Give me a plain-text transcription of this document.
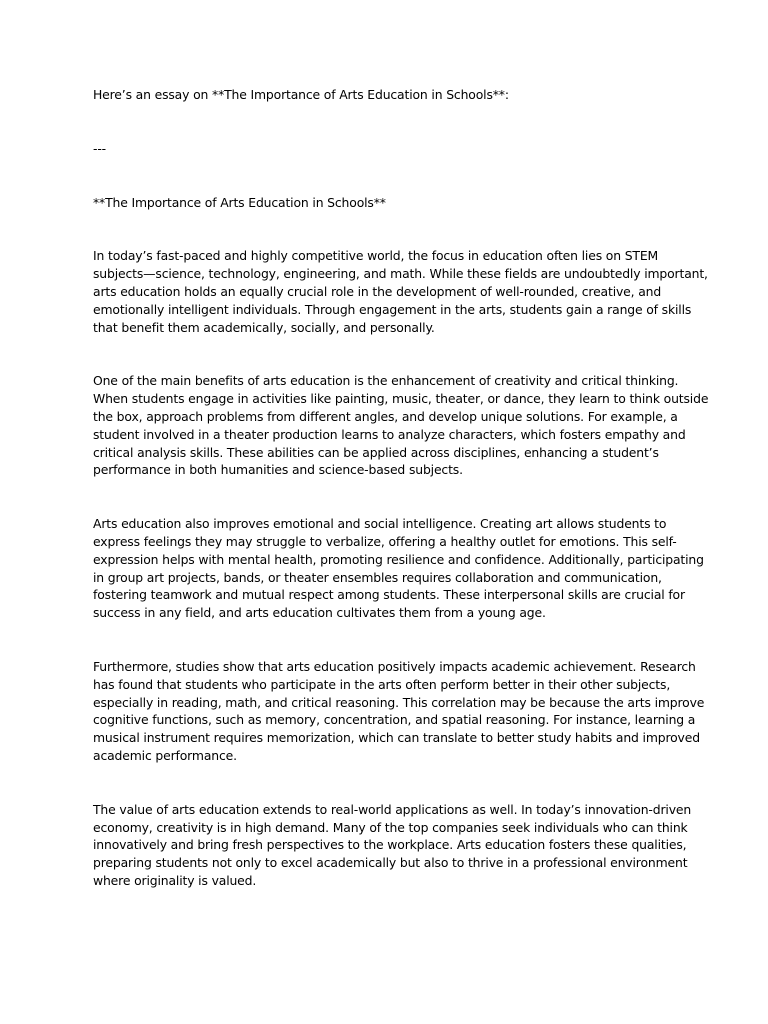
Here’s an essay on **The Importance of Arts Education in Schools**:

---

**The Importance of Arts Education in Schools**

In today’s fast-paced and highly competitive world, the focus in education often lies on STEM

subjects—science, technology, engineering, and math. While these fields are undoubtedly important,

arts education holds an equally crucial role in the development of well-rounded, creative, and

emotionally intelligent individuals. Through engagement in the arts, students gain a range of skills

that benefit them academically, socially, and personally.

One of the main benefits of arts education is the enhancement of creativity and critical thinking.

When students engage in activities like painting, music, theater, or dance, they learn to think outside

the box, approach problems from different angles, and develop unique solutions. For example, a

student involved in a theater production learns to analyze characters, which fosters empathy and

critical analysis skills. These abilities can be applied across disciplines, enhancing a student’s

performance in both humanities and science-based subjects.

Arts education also improves emotional and social intelligence. Creating art allows students to

express feelings they may struggle to verbalize, offering a healthy outlet for emotions. This self-

expression helps with mental health, promoting resilience and confidence. Additionally, participating

in group art projects, bands, or theater ensembles requires collaboration and communication,

fostering teamwork and mutual respect among students. These interpersonal skills are crucial for

success in any field, and arts education cultivates them from a young age.

Furthermore, studies show that arts education positively impacts academic achievement. Research

has found that students who participate in the arts often perform better in their other subjects,

especially in reading, math, and critical reasoning. This correlation may be because the arts improve

cognitive functions, such as memory, concentration, and spatial reasoning. For instance, learning a

musical instrument requires memorization, which can translate to better study habits and improved

academic performance.

The value of arts education extends to real-world applications as well. In today’s innovation-driven

economy, creativity is in high demand. Many of the top companies seek individuals who can think

innovatively and bring fresh perspectives to the workplace. Arts education fosters these qualities,

preparing students not only to excel academically but also to thrive in a professional environment

where originality is valued.
